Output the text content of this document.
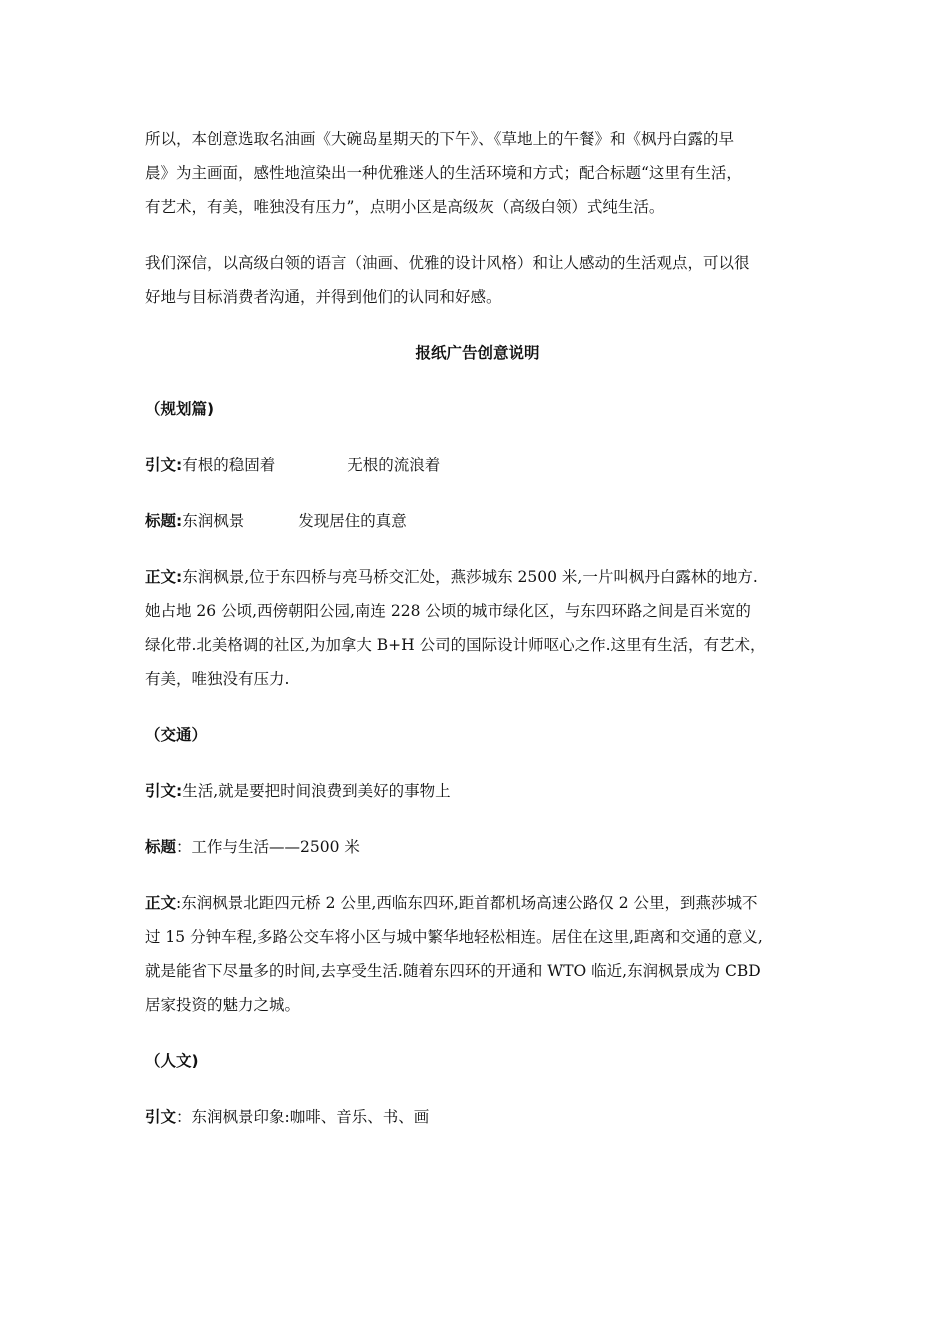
所以，本创意选取名油画《大碗岛星期天的下午》、《草地上的午餐》和《枫丹白露的早
晨》为主画面，感性地渲染出一种优雅迷人的生活环境和方式；配合标题“这里有生活，
有艺术，有美，唯独没有压力”，点明小区是高级灰（高级白领）式纯生活。
我们深信，以高级白领的语言（油画、优雅的设计风格）和让人感动的生活观点，可以很
好地与目标消费者沟通，并得到他们的认同和好感。
报纸广告创意说明
（规划篇)
引文:有根的稳固着	无根的流浪着
标题:东润枫景	发现居住的真意
正文:东润枫景,位于东四桥与亮马桥交汇处，燕莎城东 2500 米,一片叫枫丹白露林的地方.
她占地 26 公顷,西傍朝阳公园,南连 228 公顷的城市绿化区，与东四环路之间是百米宽的
绿化带.北美格调的社区,为加拿大 B+H 公司的国际设计师呕心之作.这里有生活，有艺术，
有美，唯独没有压力.
（交通）
引文:生活,就是要把时间浪费到美好的事物上
标题：工作与生活——2500 米
正文:东润枫景北距四元桥 2 公里,西临东四环,距首都机场高速公路仅 2 公里，到燕莎城不
过 15 分钟车程,多路公交车将小区与城中繁华地轻松相连。居住在这里,距离和交通的意义,
就是能省下尽量多的时间,去享受生活.随着东四环的开通和 WTO 临近,东润枫景成为 CBD
居家投资的魅力之城。
（人文)
引文：东润枫景印象:咖啡、音乐、书、画
